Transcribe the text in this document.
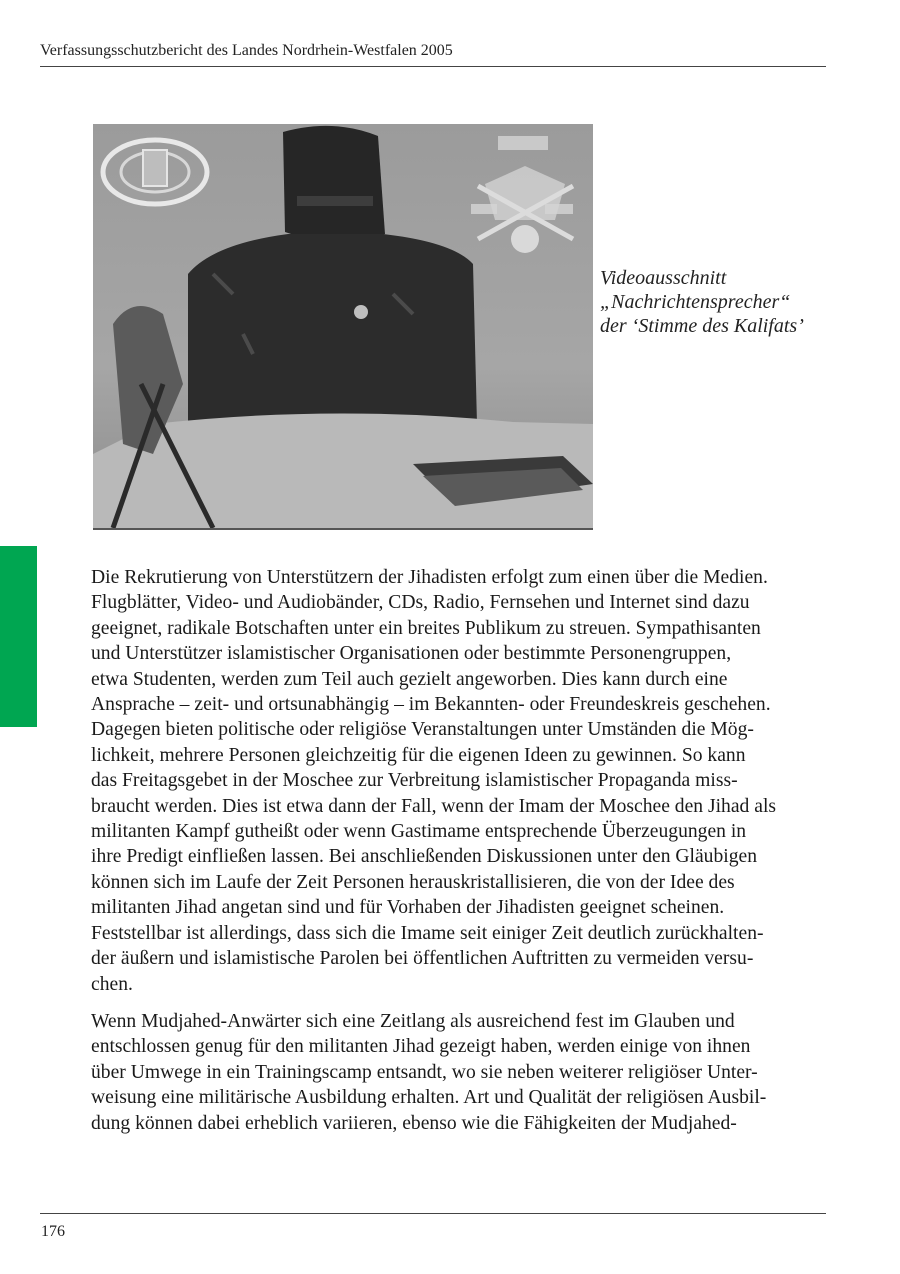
Verfassungsschutzbericht des Landes Nordrhein-Westfalen 2005
Videoausschnitt
„Nachrichtensprecher“
der ‘Stimme des Kalifats’

Die Rekrutierung von Unterstützern der Jihadisten erfolgt zum einen über die Medien.
Flugblätter, Video- und Audiobänder, CDs, Radio, Fernsehen und Internet sind dazu
geeignet, radikale Botschaften unter ein breites Publikum zu streuen. Sympathisanten
und Unterstützer islamistischer Organisationen oder bestimmte Personengruppen,
etwa Studenten, werden zum Teil auch gezielt angeworben. Dies kann durch eine
Ansprache – zeit- und ortsunabhängig – im Bekannten- oder Freundeskreis geschehen.
Dagegen bieten politische oder religiöse Veranstaltungen unter Umständen die Mög-
lichkeit, mehrere Personen gleichzeitig für die eigenen Ideen zu gewinnen. So kann
das Freitagsgebet in der Moschee zur Verbreitung islamistischer Propaganda miss-
braucht werden. Dies ist etwa dann der Fall, wenn der Imam der Moschee den Jihad als
militanten Kampf gutheißt oder wenn Gastimame entsprechende Überzeugungen in
ihre Predigt einfließen lassen. Bei anschließenden Diskussionen unter den Gläubigen
können sich im Laufe der Zeit Personen herauskristallisieren, die von der Idee des
militanten Jihad angetan sind und für Vorhaben der Jihadisten geeignet scheinen.
Feststellbar ist allerdings, dass sich die Imame seit einiger Zeit deutlich zurückhalten-
der äußern und islamistische Parolen bei öffentlichen Auftritten zu vermeiden versu-
chen.

Wenn Mudjahed-Anwärter sich eine Zeitlang als ausreichend fest im Glauben und
entschlossen genug für den militanten Jihad gezeigt haben, werden einige von ihnen
über Umwege in ein Trainingscamp entsandt, wo sie neben weiterer religiöser Unter-
weisung eine militärische Ausbildung erhalten. Art und Qualität der religiösen Ausbil-
dung können dabei erheblich variieren, ebenso wie die Fähigkeiten der Mudjahed-

176
